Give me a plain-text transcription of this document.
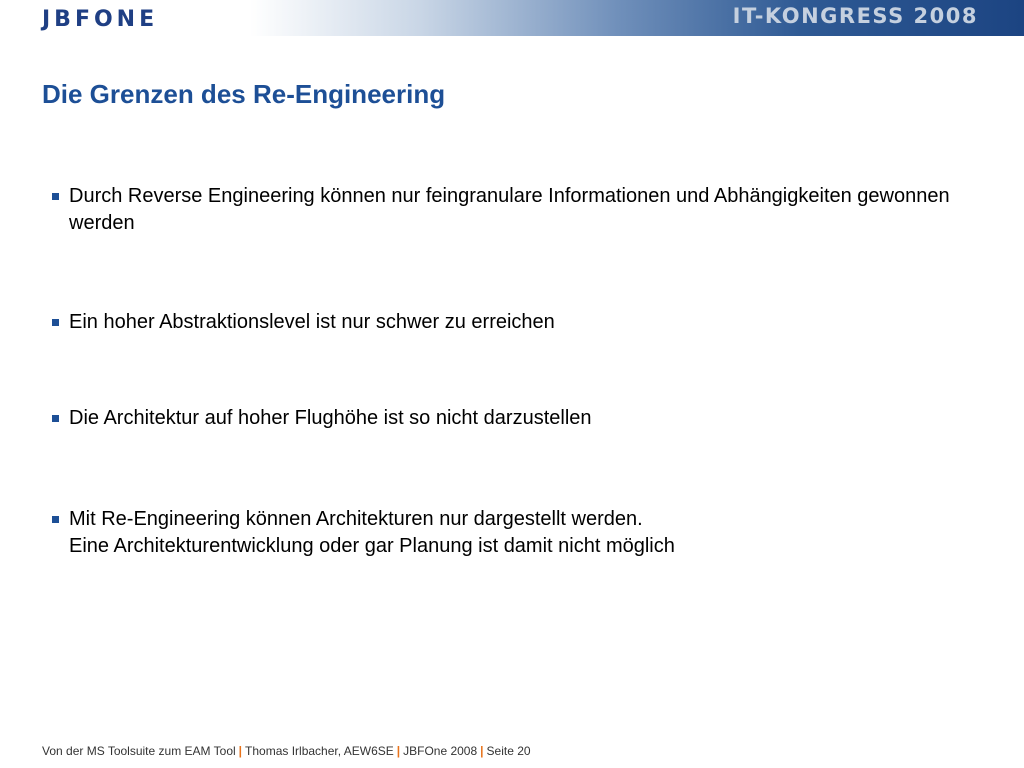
JBFONE	IT-KONGRESS 2008
Die Grenzen des Re-Engineering
Durch Reverse Engineering können nur feingranulare Informationen und Abhängigkeiten gewonnen werden
Ein hoher Abstraktionslevel ist nur schwer zu erreichen
Die Architektur auf hoher Flughöhe ist so nicht darzustellen
Mit Re-Engineering können Architekturen nur dargestellt werden.
Eine Architekturentwicklung oder gar Planung ist damit nicht möglich
Von der MS Toolsuite zum EAM Tool | Thomas Irlbacher, AEW6SE | JBFOne 2008 | Seite 20
